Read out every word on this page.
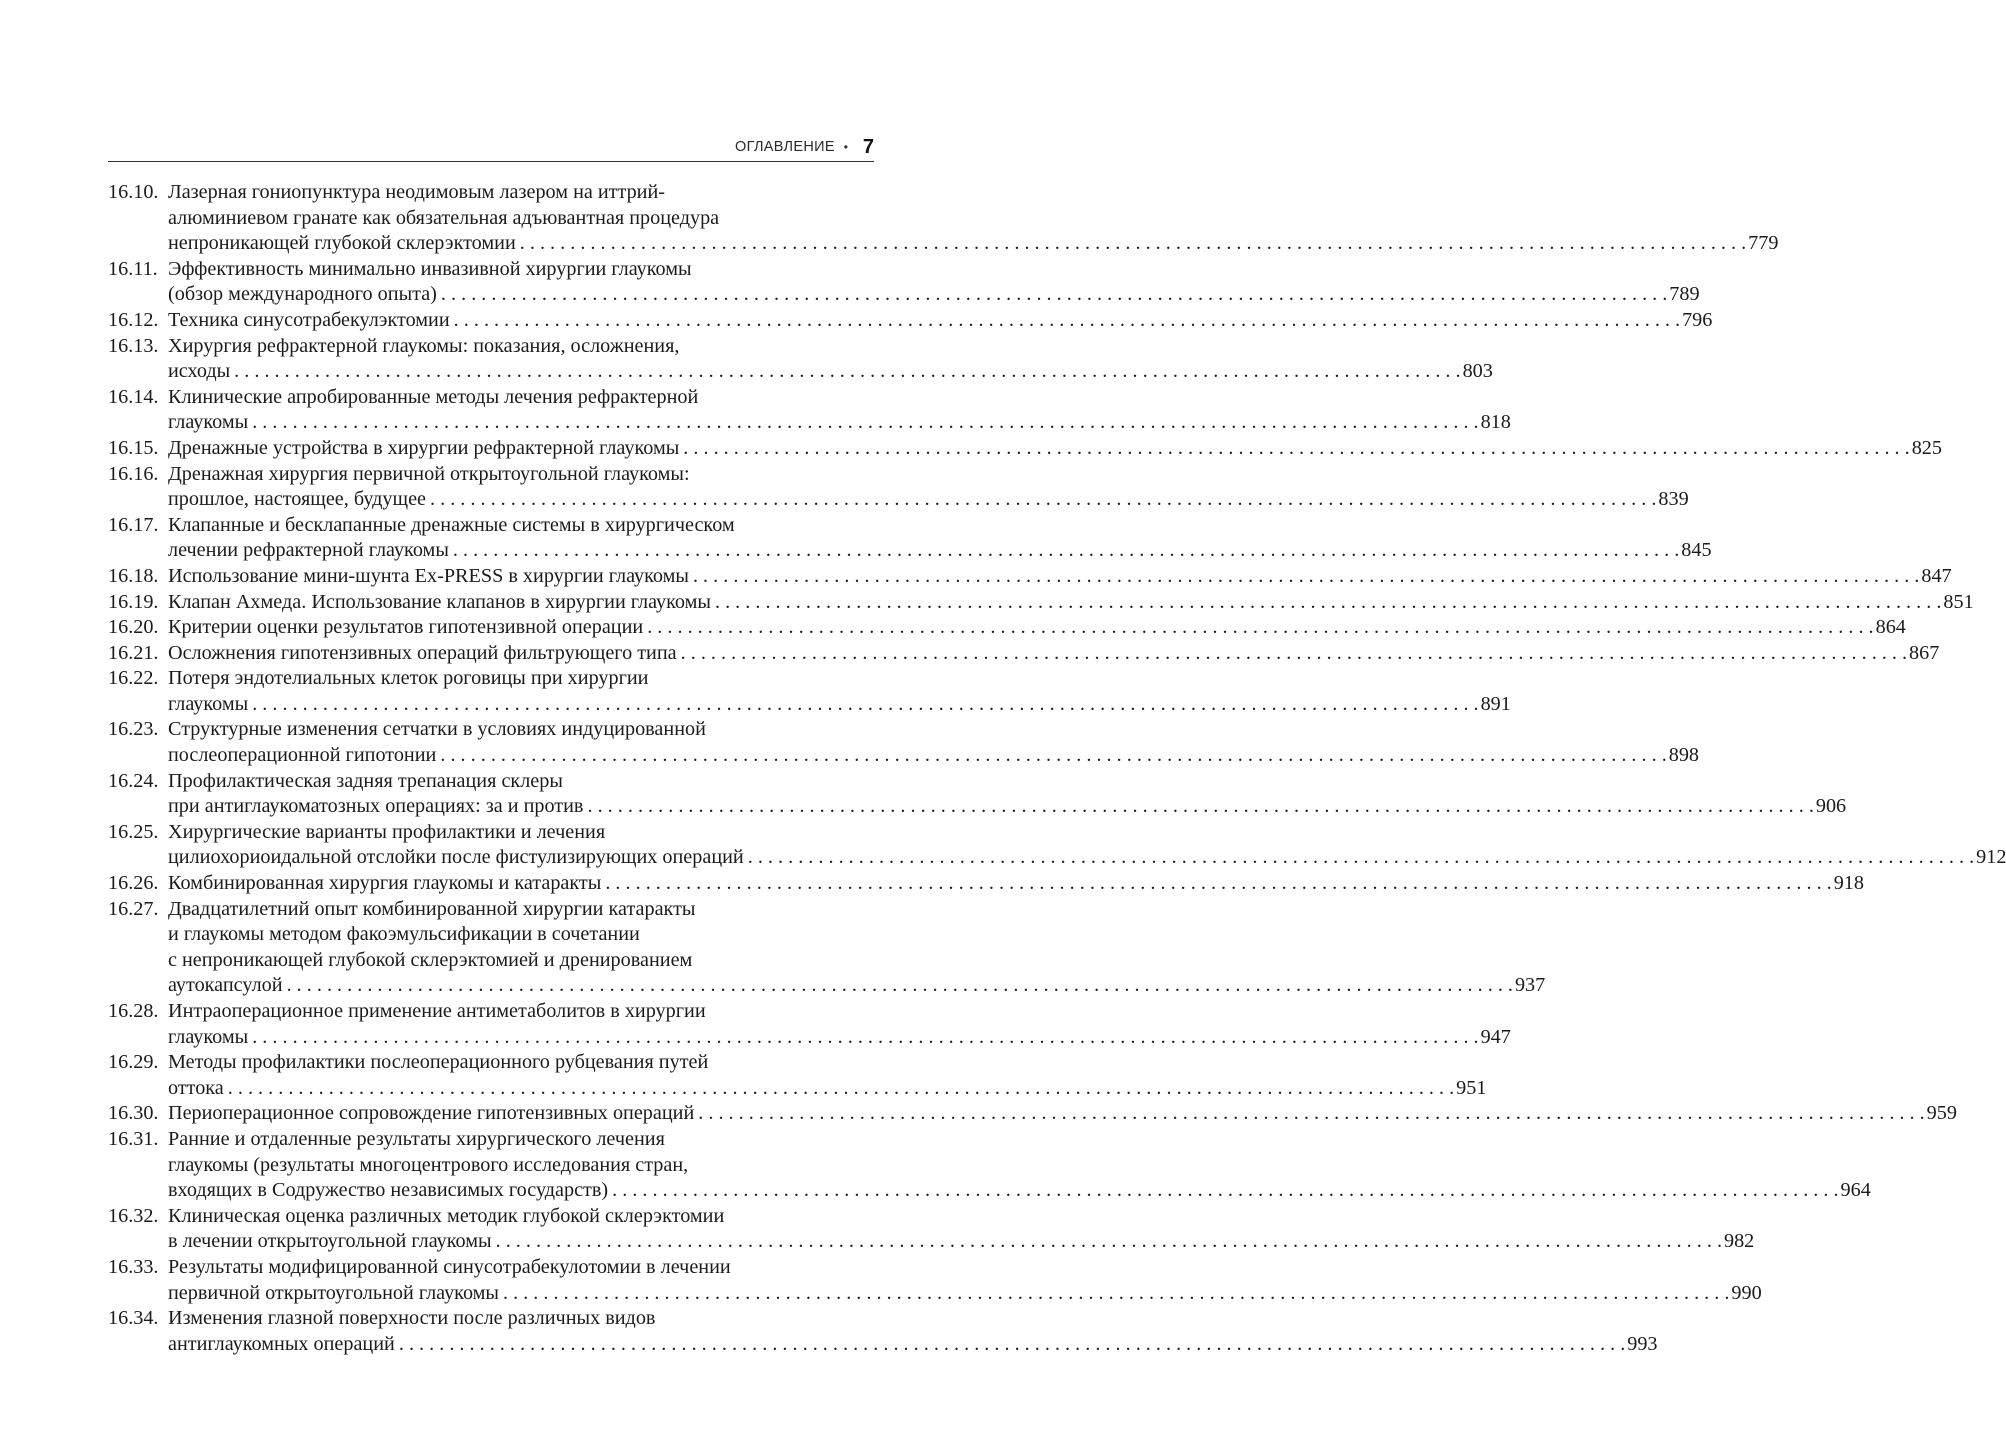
ОГЛАВЛЕНИЕ • 7
16.10. Лазерная гониопунктура неодимовым лазером на иттрий-
алюминиевом гранате как обязательная адъювантная процедура
непроникающей глубокой склерэктомии . . .	779
16.11. Эффективность минимально инвазивной хирургии глаукомы
(обзор международного опыта) . . .	789
16.12. Техника синусотрабекулэктомии . . .	796
16.13. Хирургия рефрактерной глаукомы: показания, осложнения,
исходы . . .	803
16.14. Клинические апробированные методы лечения рефрактерной
глаукомы . . .	818
16.15. Дренажные устройства в хирургии рефрактерной глаукомы . . .	825
16.16. Дренажная хирургия первичной открытоугольной глаукомы:
прошлое, настоящее, будущее . . .	839
16.17. Клапанные и бесклапанные дренажные системы в хирургическом
лечении рефрактерной глаукомы . . .	845
16.18. Использование мини-шунта Ex-PRESS в хирургии глаукомы . . .	847
16.19. Клапан Ахмеда. Использование клапанов в хирургии глаукомы . . .	851
16.20. Критерии оценки результатов гипотензивной операции . . .	864
16.21. Осложнения гипотензивных операций фильтрующего типа . . .	867
16.22. Потеря эндотелиальных клеток роговицы при хирургии
глаукомы . . .	891
16.23. Структурные изменения сетчатки в условиях индуцированной
послеоперационной гипотонии . . .	898
16.24. Профилактическая задняя трепанация склеры
при антиглаукоматозных операциях: за и против . . .	906
16.25. Хирургические варианты профилактики и лечения
цилиохориоидальной отслойки после фистулизирующих операций . . .	912
16.26. Комбинированная хирургия глаукомы и катаракты . . .	918
16.27. Двадцатилетний опыт комбинированной хирургии катаракты
и глаукомы методом факоэмульсификации в сочетании
с непроникающей глубокой склерэктомией и дренированием
аутокапсулой . . .	937
16.28. Интраоперационное применение антиметаболитов в хирургии
глаукомы . . .	947
16.29. Методы профилактики послеоперационного рубцевания путей
оттока . . .	951
16.30. Периоперационное сопровождение гипотензивных операций . . .	959
16.31. Ранние и отдаленные результаты хирургического лечения
глаукомы (результаты многоцентрового исследования стран,
входящих в Содружество независимых государств) . . .	964
16.32. Клиническая оценка различных методик глубокой склерэктомии
в лечении открытоугольной глаукомы . . .	982
16.33. Результаты модифицированной синусотрабекулотомии в лечении
первичной открытоугольной глаукомы . . .	990
16.34. Изменения глазной поверхности после различных видов
антиглаукомных операций . . .	993
